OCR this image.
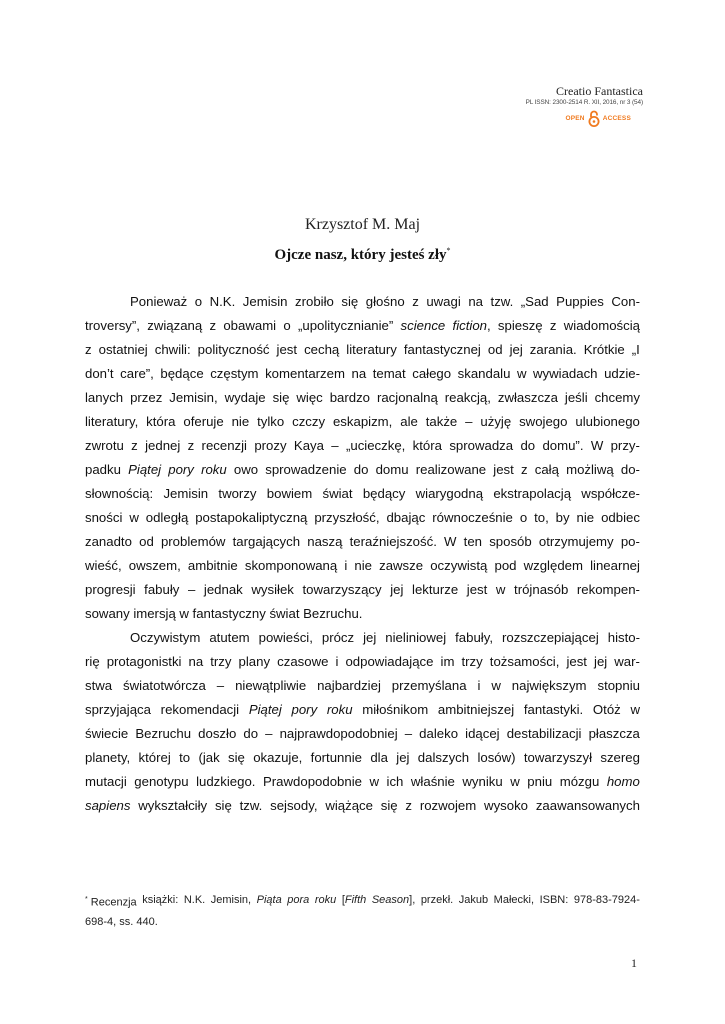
Creatio Fantastica
PL ISSN: 2300-2514 R. XII, 2016, nr 3 (54)
OPEN	ACCESS
Krzysztof M. Maj
Ojcze nasz, który jesteś zły*
Ponieważ o N.K. Jemisin zrobiło się głośno z uwagi na tzw. „Sad Puppies Con-
troversy”, związaną z obawami o „upolitycznianie” science fiction, spieszę z wiadomością
z ostatniej chwili: polityczność jest cechą literatury fantastycznej od jej zarania. Krótkie „I
don’t care”, będące częstym komentarzem na temat całego skandalu w wywiadach udzie-
lanych przez Jemisin, wydaje się więc bardzo racjonalną reakcją, zwłaszcza jeśli chcemy
literatury, która oferuje nie tylko czczy eskapizm, ale także – użyję swojego ulubionego
zwrotu z jednej z recenzji prozy Kaya – „ucieczkę, która sprowadza do domu”. W przy-
padku Piątej pory roku owo sprowadzenie do domu realizowane jest z całą możliwą do-
słownością: Jemisin tworzy bowiem świat będący wiarygodną ekstrapolacją współcze-
sności w odległą postapokaliptyczną przyszłość, dbając równocześnie o to, by nie odbiec
zanadto od problemów targających naszą teraźniejszość. W ten sposób otrzymujemy po-
wieść, owszem, ambitnie skomponowaną i nie zawsze oczywistą pod względem linearnej
progresji fabuły – jednak wysiłek towarzyszący jej lekturze jest w trójnasób rekompen-
sowany imersją w fantastyczny świat Bezruchu.
Oczywistym atutem powieści, prócz jej nieliniowej fabuły, rozszczepiającej histo-
rię protagonistki na trzy plany czasowe i odpowiadające im trzy tożsamości, jest jej war-
stwa światotwórcza – niewątpliwie najbardziej przemyślana i w największym stopniu
sprzyjająca rekomendacji Piątej pory roku miłośnikom ambitniejszej fantastyki. Otóż w
świecie Bezruchu doszło do – najprawdopodobniej – daleko idącej destabilizacji płaszcza
planety, której to (jak się okazuje, fortunnie dla jej dalszych losów) towarzyszył szereg
mutacji genotypu ludzkiego. Prawdopodobnie w ich właśnie wyniku w pniu mózgu homo
sapiens wykształciły się tzw. sejsody, wiążące się z rozwojem wysoko zaawansowanych
* Recenzja książki: N.K. Jemisin, Piąta pora roku [Fifth Season], przekł. Jakub Małecki, ISBN: 978-83-7924-
698-4, ss. 440.
1
